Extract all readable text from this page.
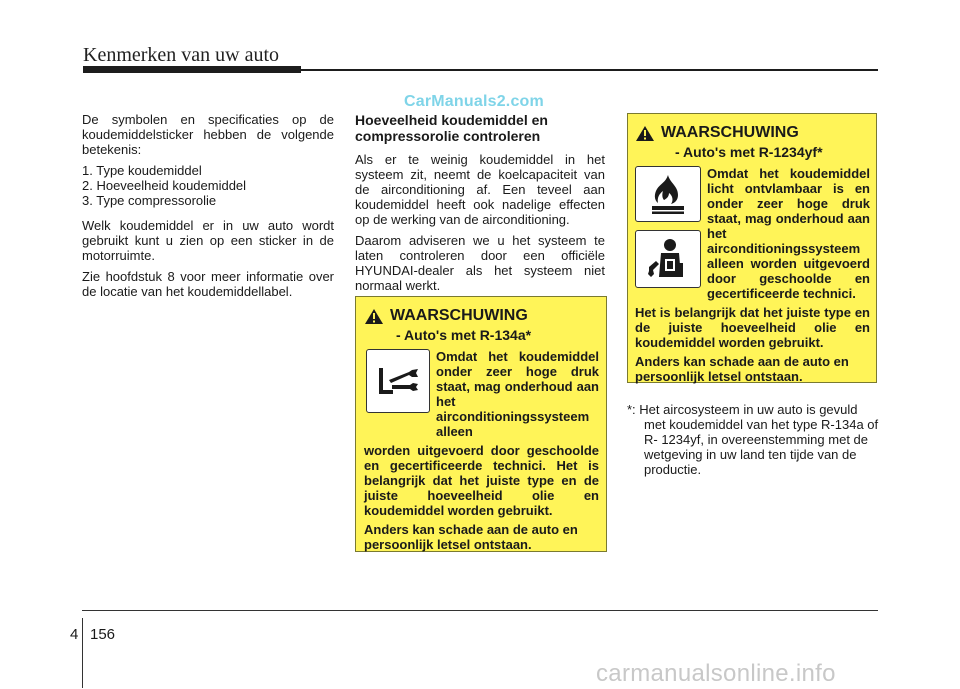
Kenmerken van uw auto
CarManuals2.com

De symbolen en specificaties op de koudemiddelsticker hebben de volgende betekenis:

1. Type koudemiddel
2. Hoeveelheid koudemiddel
3. Type compressorolie

Welk koudemiddel er in uw auto wordt gebruikt kunt u zien op een sticker in de motorruimte.

Zie hoofdstuk 8 voor meer informatie over de locatie van het koudemiddellabel.

Hoeveelheid koudemiddel en compressorolie controleren

Als er te weinig koudemiddel in het systeem zit, neemt de koelcapaciteit van de airconditioning af. Een teveel aan koudemiddel heeft ook nadelige effecten op de werking van de airconditioning.

Daarom adviseren we u het systeem te laten controleren door een officiële HYUNDAI-dealer als het systeem niet normaal werkt.

WAARSCHUWING
- Auto's met R-134a*

Omdat het koudemiddel onder zeer hoge druk staat, mag onderhoud aan het airconditioningssysteem alleen

worden uitgevoerd door geschoolde en gecertificeerde technici. Het is belangrijk dat het juiste type en de juiste hoeveelheid olie en koudemiddel worden gebruikt.

Anders kan schade aan de auto en persoonlijk letsel ontstaan.

WAARSCHUWING
- Auto's met R-1234yf*

Omdat het koudemiddel licht ontvlambaar is en onder zeer hoge druk staat, mag onderhoud aan het airconditioningssysteem alleen worden uitgevoerd door geschoolde en gecertificeerde technici.

Het is belangrijk dat het juiste type en de juiste hoeveelheid olie en koudemiddel worden gebruikt.

Anders kan schade aan de auto en persoonlijk letsel ontstaan.

*: Het aircosysteem in uw auto is gevuld met koudemiddel van het type R-134a of R- 1234yf, in overeenstemming met de wetgeving in uw land ten tijde van de productie.
4 156
carmanualsonline.info
